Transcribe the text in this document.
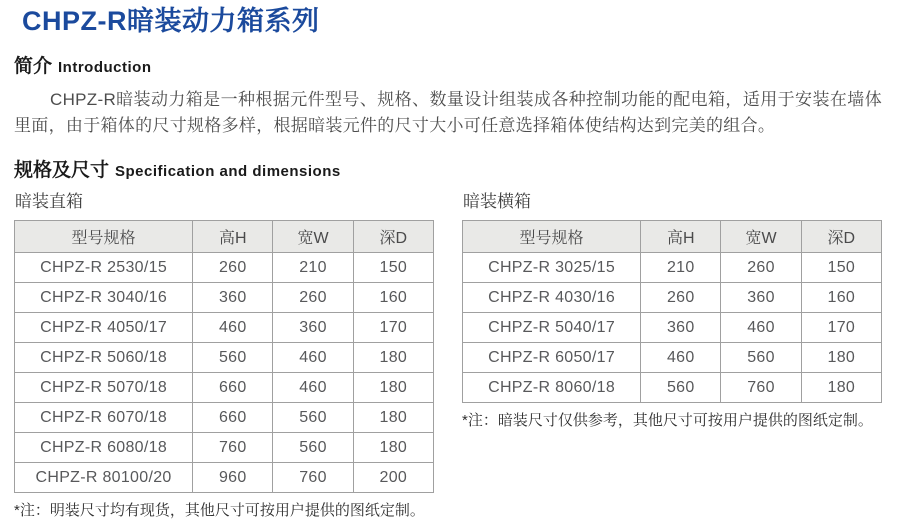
CHPZ-R暗装动力箱系列
简介 Introduction

CHPZ-R暗装动力箱是一种根据元件型号、规格、数量设计组装成各种控制功能的配电箱，适用于安装在墙体里面，由于箱体的尺寸规格多样，根据暗装元件的尺寸大小可任意选择箱体使结构达到完美的组合。

规格及尺寸 Specification and dimensions
暗装直箱
型号规格	高H	宽W	深D
CHPZ-R 2530/15	260	210	150
CHPZ-R 3040/16	360	260	160
CHPZ-R 4050/17	460	360	170
CHPZ-R 5060/18	560	460	180
CHPZ-R 5070/18	660	460	180
CHPZ-R 6070/18	660	560	180
CHPZ-R 6080/18	760	560	180
CHPZ-R 80100/20	960	760	200
*注：明装尺寸均有现货，其他尺寸可按用户提供的图纸定制。
暗装横箱
型号规格	高H	宽W	深D
CHPZ-R 3025/15	210	260	150
CHPZ-R 4030/16	260	360	160
CHPZ-R 5040/17	360	460	170
CHPZ-R 6050/17	460	560	180
CHPZ-R 8060/18	560	760	180
*注：暗装尺寸仅供参考，其他尺寸可按用户提供的图纸定制。
